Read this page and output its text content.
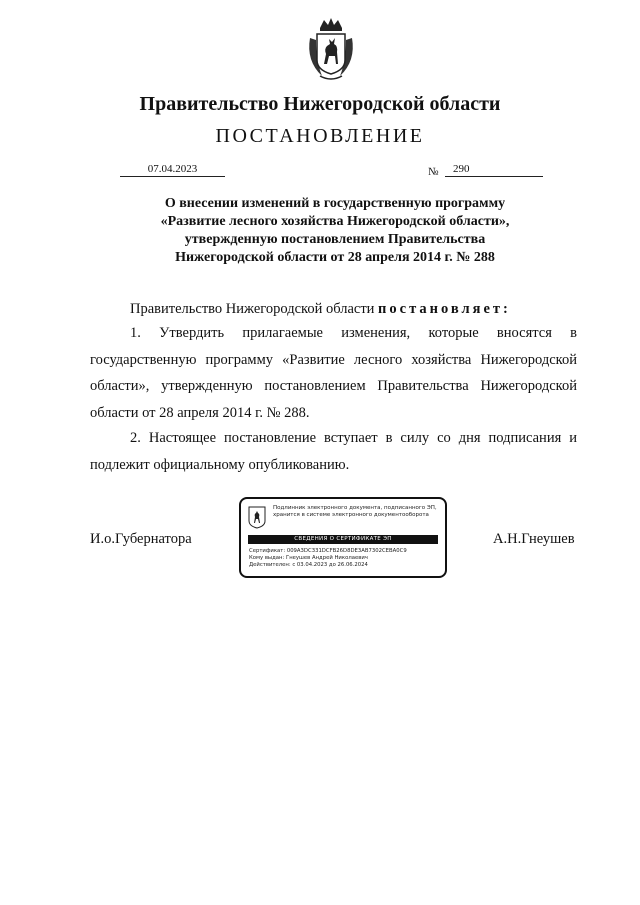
Правительство Нижегородской области
ПОСТАНОВЛЕНИЕ
07.04.2023	№	290
О внесении изменений в государственную программу
«Развитие лесного хозяйства Нижегородской области»,
утвержденную постановлением Правительства
Нижегородской области от 28 апреля 2014 г. № 288
Правительство Нижегородской области постановляет:
1. Утвердить прилагаемые изменения, которые вносятся в государственную программу «Развитие лесного хозяйства Нижегородской области», утвержденную постановлением Правительства Нижегородской области от 28 апреля 2014 г. № 288.
2. Настоящее постановление вступает в силу со дня подписания и подлежит официальному опубликованию.
И.о.Губернатора	А.Н.Гнеушев
Подлинник электронного документа, подписанного ЭП,
хранится в системе электронного документооборота
СВЕДЕНИЯ О СЕРТИФИКАТЕ ЭП
Сертификат: 009A3DC331DCFB26D8DE3AB7302CEBA0C9
Кому выдан: Гнеушев Андрей Николаевич
Действителен: с 03.04.2023 до 26.06.2024
